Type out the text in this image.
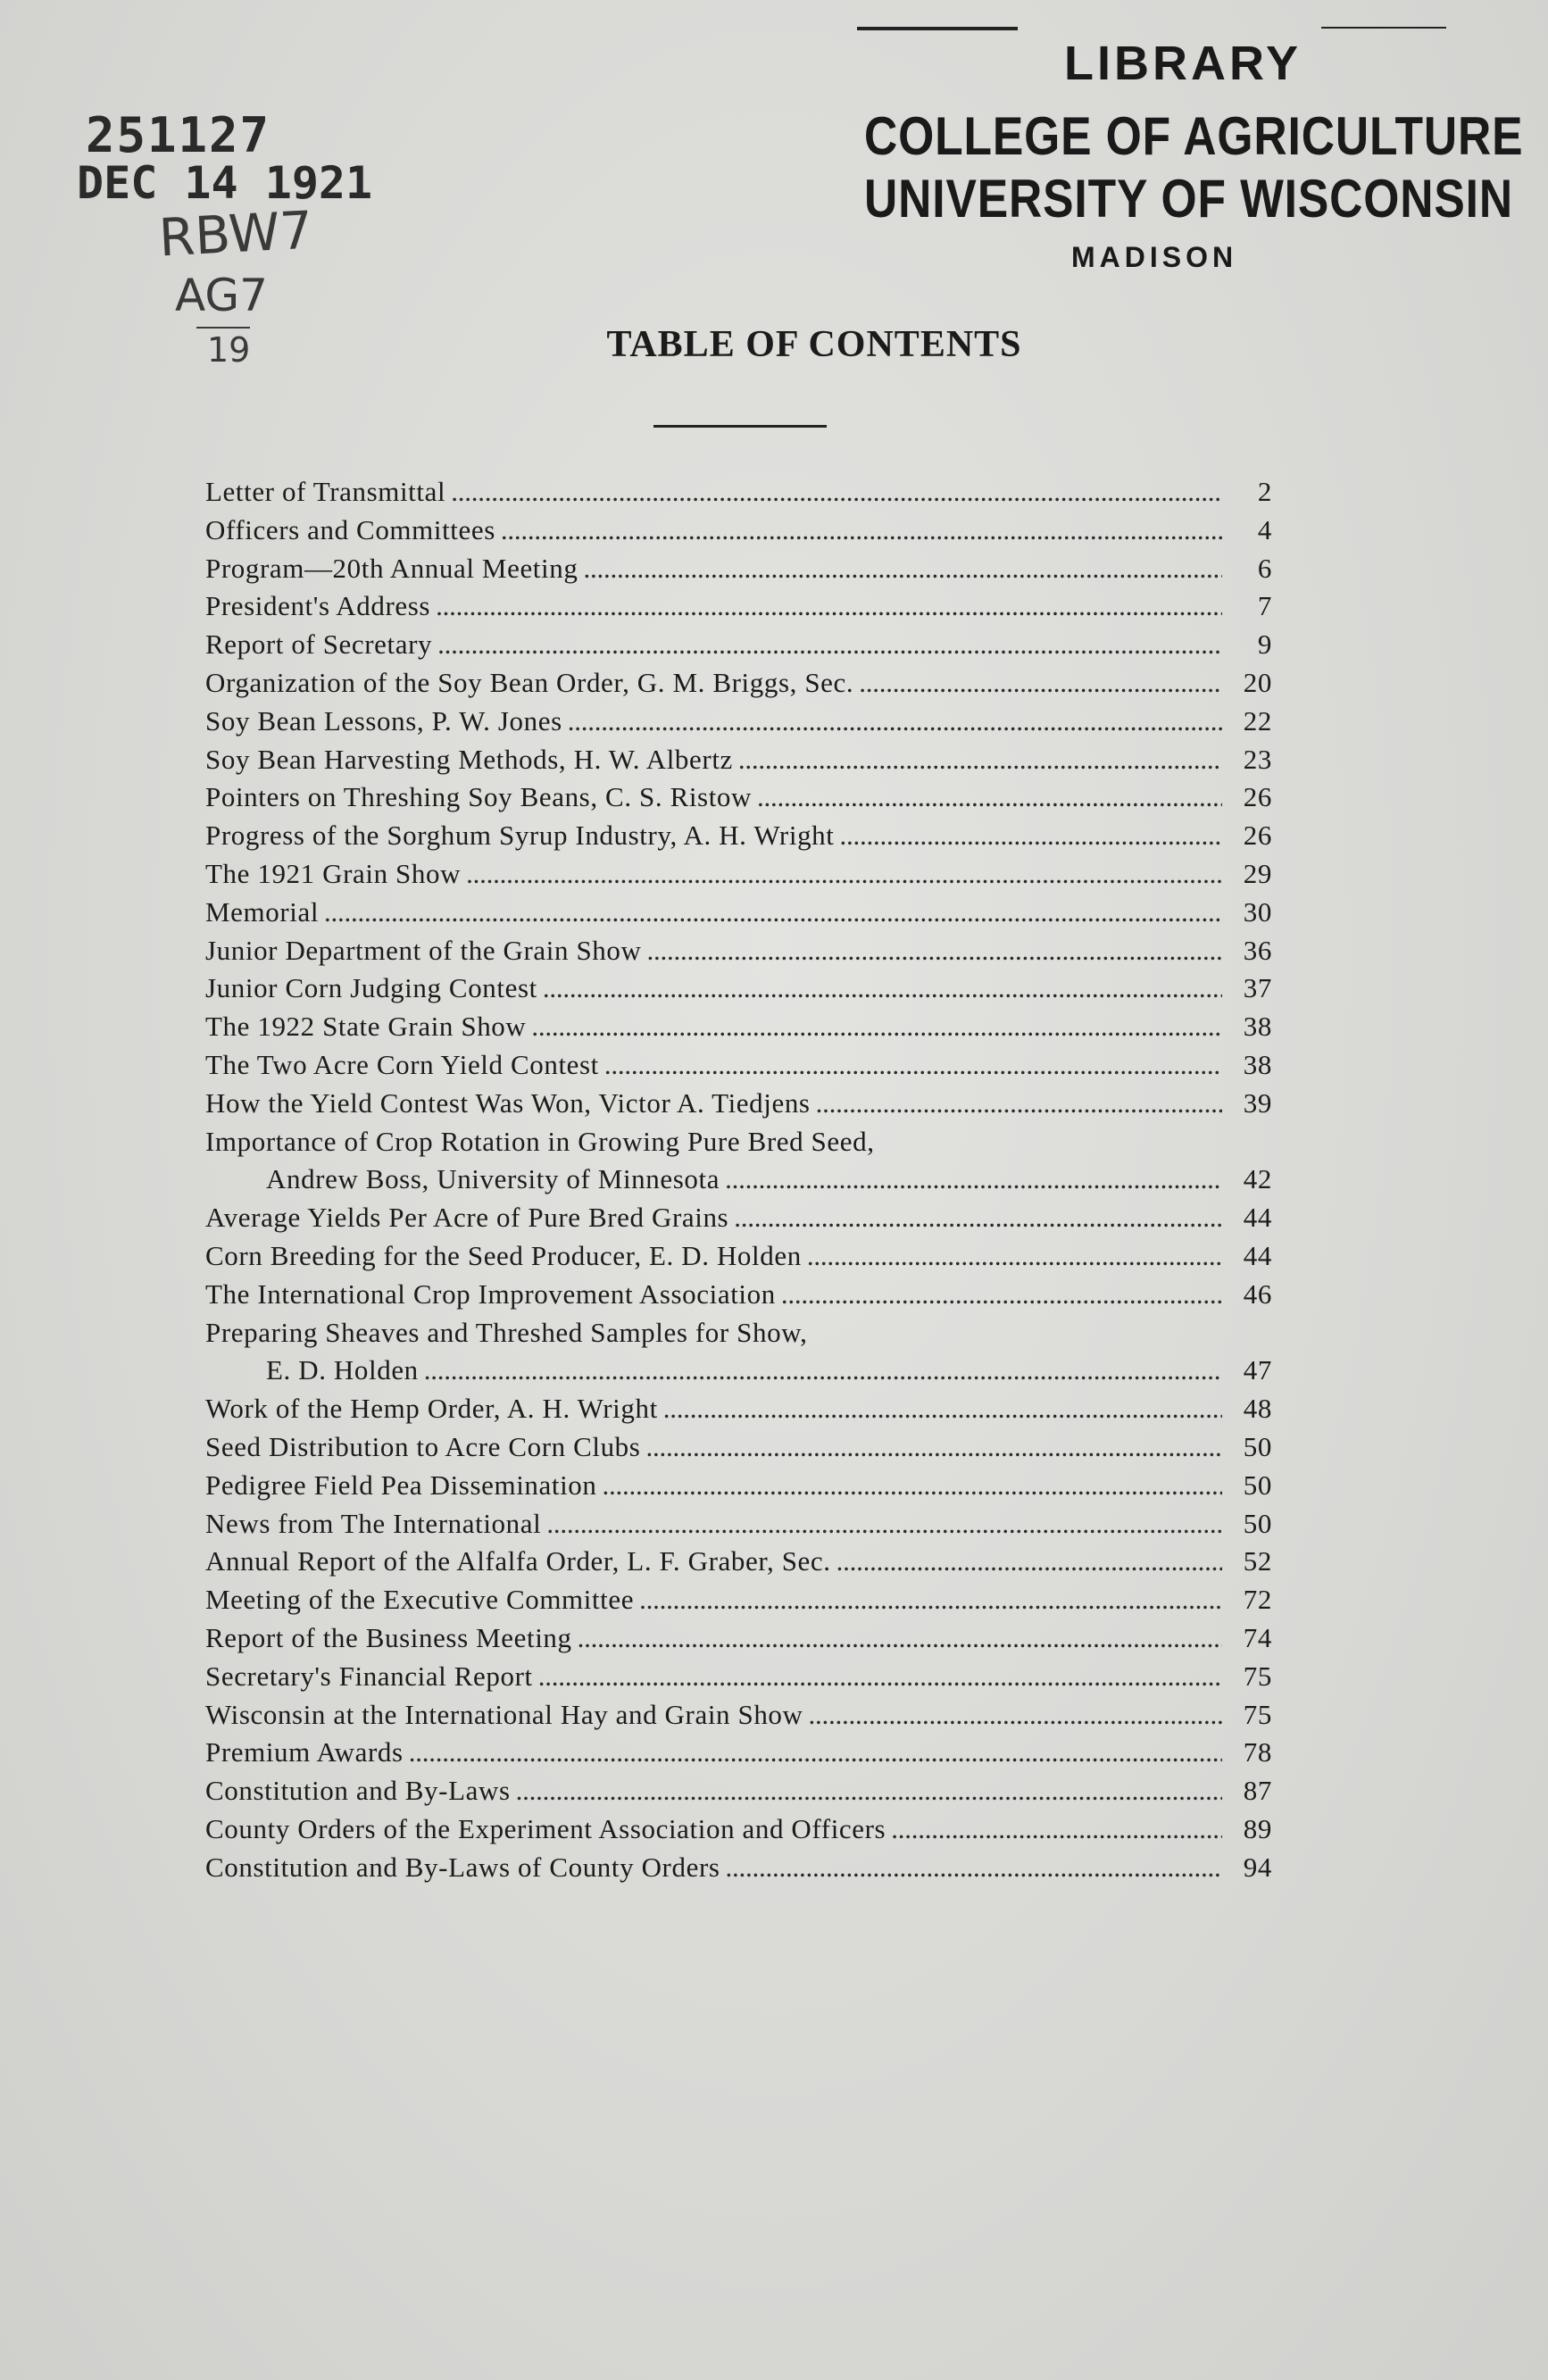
LIBRARY
COLLEGE OF AGRICULTURE
UNIVERSITY OF WISCONSIN
MADISON
251127
DEC 14 1921
RBW7
AG7
19	TABLE OF CONTENTS
Letter of Transmittal . . .	2
Officers and Committees . . .	4
Program—20th Annual Meeting . . .	6
President's Address . . .	7
Report of Secretary . . .	9
Organization of the Soy Bean Order, G. M. Briggs, Sec. . . .	20
Soy Bean Lessons, P. W. Jones . . .	22
Soy Bean Harvesting Methods, H. W. Albertz . . .	23
Pointers on Threshing Soy Beans, C. S. Ristow . . .	26
Progress of the Sorghum Syrup Industry, A. H. Wright . . .	26
The 1921 Grain Show . . .	29
Memorial . . .	30
Junior Department of the Grain Show . . .	36
Junior Corn Judging Contest . . .	37
The 1922 State Grain Show . . .	38
The Two Acre Corn Yield Contest . . .	38
How the Yield Contest Was Won, Victor A. Tiedjens . . .	39
Importance of Crop Rotation in Growing Pure Bred Seed,
Andrew Boss, University of Minnesota . . .	42
Average Yields Per Acre of Pure Bred Grains . . .	44
Corn Breeding for the Seed Producer, E. D. Holden . . .	44
The International Crop Improvement Association . . .	46
Preparing Sheaves and Threshed Samples for Show,
E. D. Holden . . .	47
Work of the Hemp Order, A. H. Wright . . .	48
Seed Distribution to Acre Corn Clubs . . .	50
Pedigree Field Pea Dissemination . . .	50
News from The International . . .	50
Annual Report of the Alfalfa Order, L. F. Graber, Sec. . . .	52
Meeting of the Executive Committee . . .	72
Report of the Business Meeting . . .	74
Secretary's Financial Report . . .	75
Wisconsin at the International Hay and Grain Show . . .	75
Premium Awards . . .	78
Constitution and By-Laws . . .	87
County Orders of the Experiment Association and Officers . . .	89
Constitution and By-Laws of County Orders . . .	94
